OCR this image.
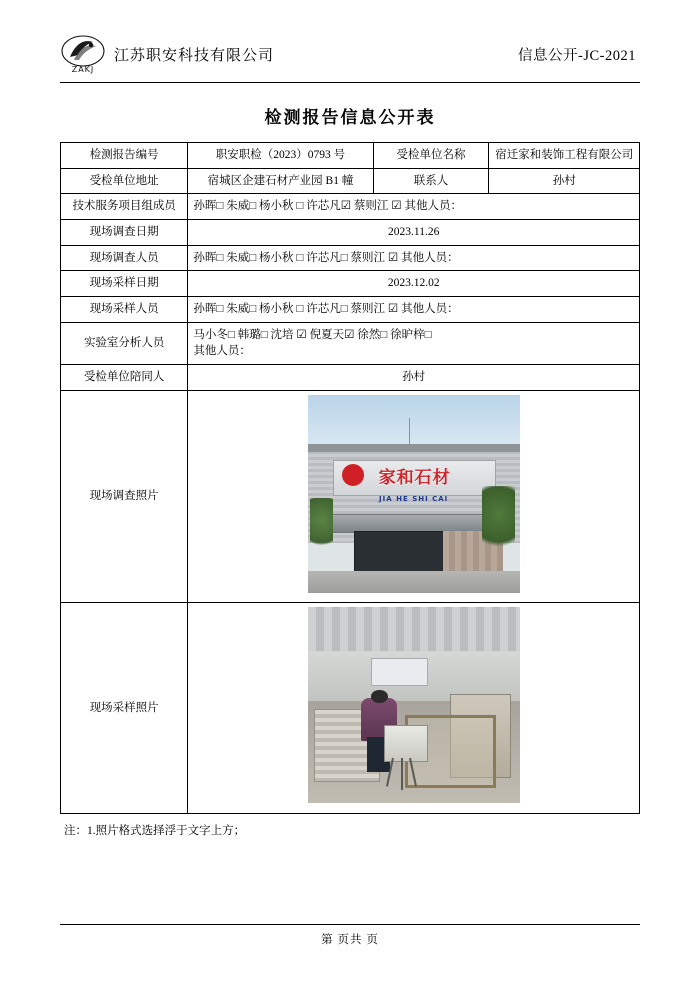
ZAKJ
江苏职安科技有限公司	信息公开-JC-2021
检测报告信息公开表
检测报告编号	职安职检（2023）0793 号	受检单位名称	宿迁家和装饰工程有限公司
受检单位地址	宿城区企建石材产业园 B1 幢	联系人	孙村
技术服务项目组成员	孙晖□ 朱威□ 杨小秋 □ 许芯凡☑ 蔡则江 ☑ 其他人员：		
现场调查日期	2023.11.26		
现场调查人员	孙晖□ 朱威□ 杨小秋 □ 许芯凡□ 蔡则江 ☑ 其他人员：		
现场采样日期	2023.12.02		
现场采样人员	孙晖□ 朱威□ 杨小秋 □ 许芯凡□ 蔡则江 ☑ 其他人员：		
实验室分析人员	马小冬□ 韩璐□ 沈培 ☑ 倪夏天☑ 徐然□ 徐昈梓□
其他人员：		

受检单位陪同人	孙村		
现场调查照片	家和石材
JIA HE SHI CAI		

现场采样照片			
注：1.照片格式选择浮于文字上方；
第 页共 页
